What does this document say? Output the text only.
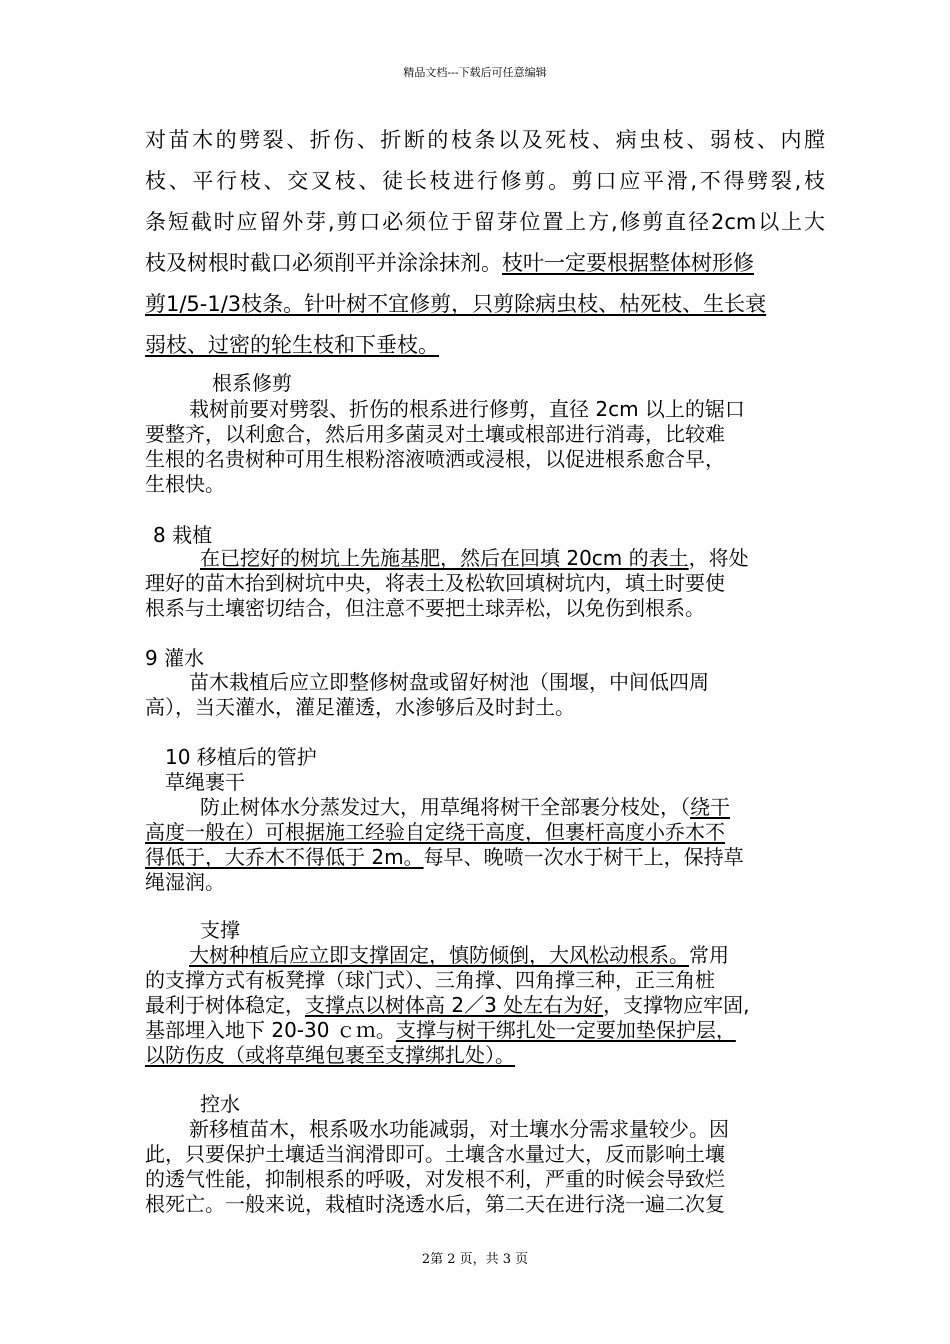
精品文档---下载后可任意编辑
对苗木的劈裂、折伤、折断的枝条以及死枝、病虫枝、弱枝、内膛
枝、平行枝、交叉枝、徒长枝进行修剪。剪口应平滑,不得劈裂,枝
条短截时应留外芽,剪口必须位于留芽位置上方,修剪直径2cm以上大
枝及树根时截口必须削平并涂涂抹剂。枝叶一定要根据整体树形修
剪1/5-1/3枝条。针叶树不宜修剪，只剪除病虫枝、枯死枝、生长衰
弱枝、过密的轮生枝和下垂枝。
根系修剪
栽树前要对劈裂、折伤的根系进行修剪，直径 2cm 以上的锯口
要整齐，以利愈合，然后用多菌灵对土壤或根部进行消毒，比较难
生根的名贵树种可用生根粉溶液喷洒或浸根，以促进根系愈合早，
生根快。
8 栽植
在已挖好的树坑上先施基肥，然后在回填 20cm 的表土，将处
理好的苗木抬到树坑中央，将表土及松软回填树坑内，填土时要使
根系与土壤密切结合，但注意不要把土球弄松，以免伤到根系。
9 灌水
苗木栽植后应立即整修树盘或留好树池（围堰，中间低四周
高），当天灌水，灌足灌透，水渗够后及时封土。
10 移植后的管护
草绳裹干
防止树体水分蒸发过大，用草绳将树干全部裹分枝处，（绕干
高度一般在）可根据施工经验自定绕干高度，但裹杆高度小乔木不
得低于，大乔木不得低于 2m。每早、晚喷一次水于树干上，保持草
绳湿润。
支撑
大树种植后应立即支撑固定，慎防倾倒，大风松动根系。常用
的支撑方式有板凳撑（球门式）、三角撑、四角撑三种，正三角桩
最利于树体稳定，支撑点以树体高 2／3 处左右为好，支撑物应牢固,
基部埋入地下 20-30 ｃｍ。支撑与树干绑扎处一定要加垫保护层，
以防伤皮（或将草绳包裹至支撑绑扎处）。
控水
新移植苗木，根系吸水功能减弱，对土壤水分需求量较少。因
此，只要保护土壤适当润滑即可。土壤含水量过大，反而影响土壤
的透气性能，抑制根系的呼吸，对发根不利，严重的时候会导致烂
根死亡。一般来说，栽植时浇透水后，第二天在进行浇一遍二次复
2第 2 页，共 3 页
